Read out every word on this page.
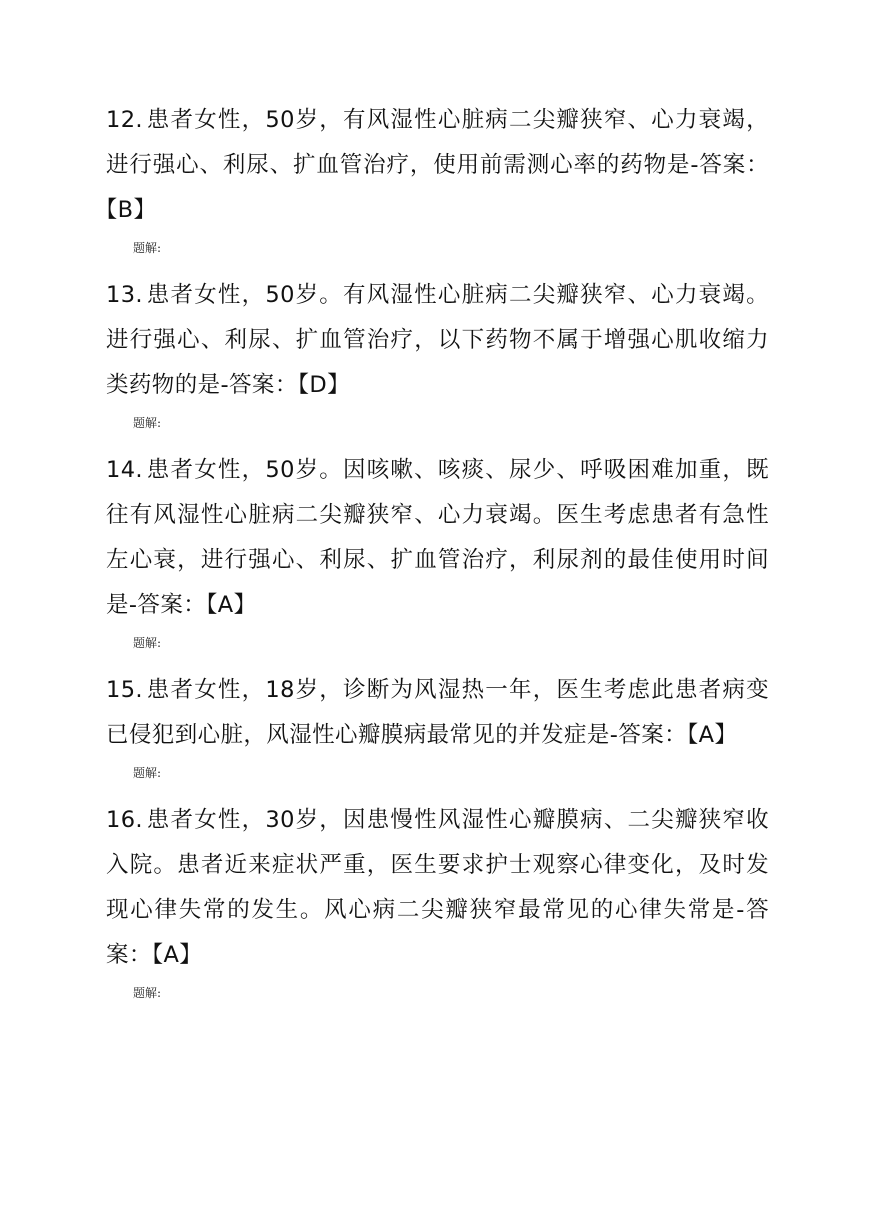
12. 患者女性，50岁，有风湿性心脏病二尖瓣狭窄、心力衰竭，进行强心、利尿、扩血管治疗，使用前需测心率的药物是-答案：【B】

题解:

13. 患者女性，50岁。有风湿性心脏病二尖瓣狭窄、心力衰竭。进行强心、利尿、扩血管治疗，以下药物不属于增强心肌收缩力类药物的是-答案：【D】

题解:

14. 患者女性，50岁。因咳嗽、咳痰、尿少、呼吸困难加重，既往有风湿性心脏病二尖瓣狭窄、心力衰竭。医生考虑患者有急性左心衰，进行强心、利尿、扩血管治疗，利尿剂的最佳使用时间是-答案：【A】

题解:

15. 患者女性，18岁，诊断为风湿热一年，医生考虑此患者病变已侵犯到心脏，风湿性心瓣膜病最常见的并发症是-答案：【A】

题解:

16. 患者女性，30岁，因患慢性风湿性心瓣膜病、二尖瓣狭窄收入院。患者近来症状严重，医生要求护士观察心律变化，及时发现心律失常的发生。风心病二尖瓣狭窄最常见的心律失常是-答案：【A】

题解:
